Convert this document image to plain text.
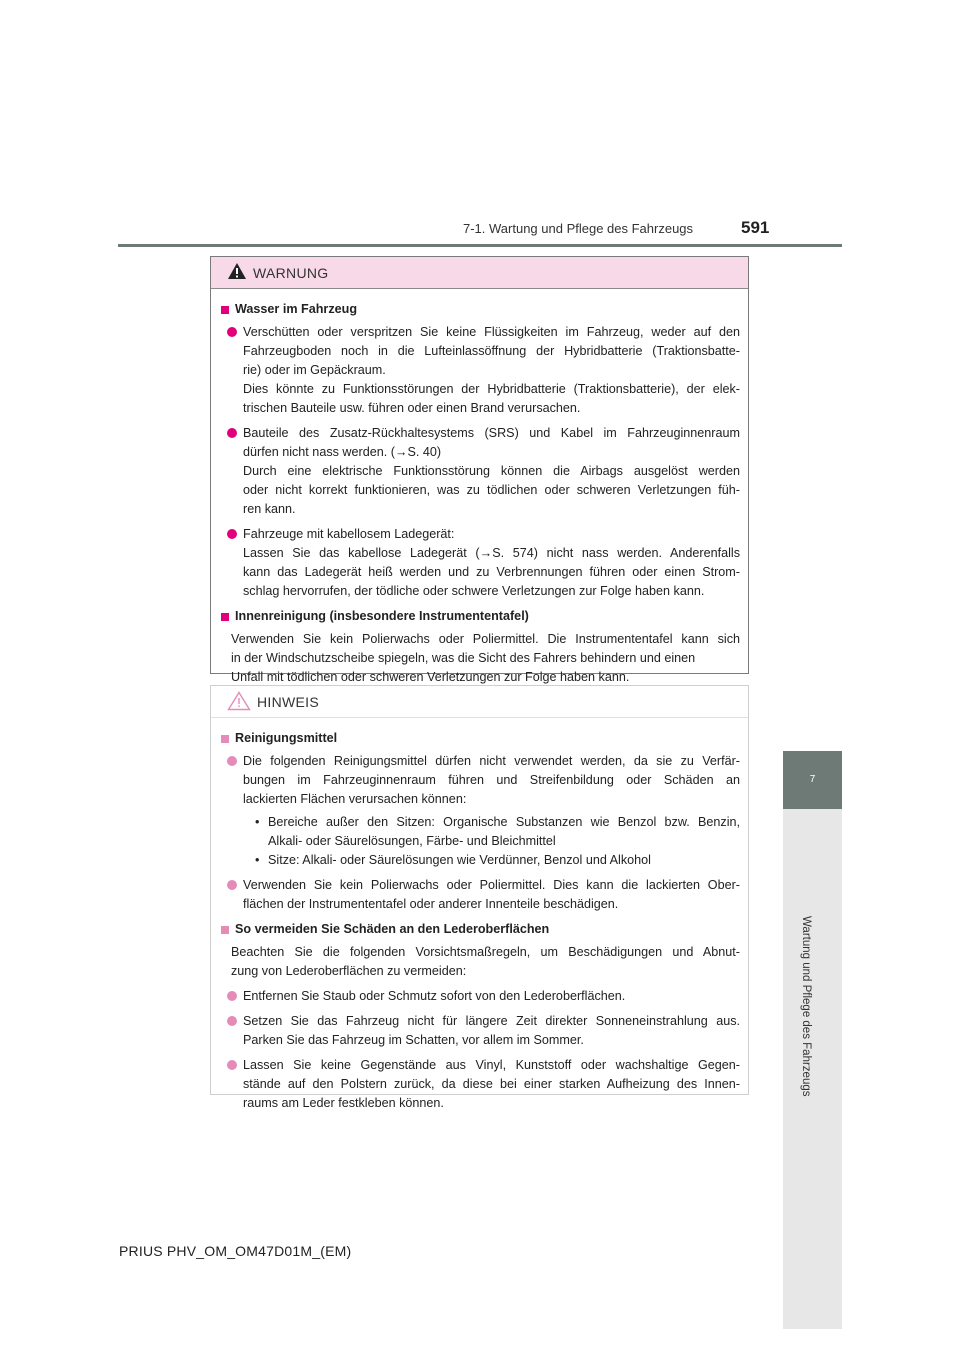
7-1. Wartung und Pflege des Fahrzeugs	591
7
Wartung und Pflege des Fahrzeugs
WARNUNG
Wasser im Fahrzeug
Verschütten oder verspritzen Sie keine Flüssigkeiten im Fahrzeug, weder auf den
Fahrzeugboden noch in die Lufteinlassöffnung der Hybridbatterie (Traktionsbatte-
rie) oder im Gepäckraum.
Dies könnte zu Funktionsstörungen der Hybridbatterie (Traktionsbatterie), der elek-
trischen Bauteile usw. führen oder einen Brand verursachen.
Bauteile des Zusatz-Rückhaltesystems (SRS) und Kabel im Fahrzeuginnenraum
dürfen nicht nass werden. (→S. 40)
Durch eine elektrische Funktionsstörung können die Airbags ausgelöst werden
oder nicht korrekt funktionieren, was zu tödlichen oder schweren Verletzungen füh-
ren kann.
Fahrzeuge mit kabellosem Ladegerät:
Lassen Sie das kabellose Ladegerät (→S. 574) nicht nass werden. Anderenfalls
kann das Ladegerät heiß werden und zu Verbrennungen führen oder einen Strom-
schlag hervorrufen, der tödliche oder schwere Verletzungen zur Folge haben kann.
Innenreinigung (insbesondere Instrumententafel)
Verwenden Sie kein Polierwachs oder Poliermittel. Die Instrumententafel kann sich
in der Windschutzscheibe spiegeln, was die Sicht des Fahrers behindern und einen
Unfall mit tödlichen oder schweren Verletzungen zur Folge haben kann.
HINWEIS
Reinigungsmittel
Die folgenden Reinigungsmittel dürfen nicht verwendet werden, da sie zu Verfär-
bungen im Fahrzeuginnenraum führen und Streifenbildung oder Schäden an
lackierten Flächen verursachen können:
• Bereiche außer den Sitzen: Organische Substanzen wie Benzol bzw. Benzin,
Alkali- oder Säurelösungen, Färbe- und Bleichmittel
• Sitze: Alkali- oder Säurelösungen wie Verdünner, Benzol und Alkohol
Verwenden Sie kein Polierwachs oder Poliermittel. Dies kann die lackierten Ober-
flächen der Instrumententafel oder anderer Innenteile beschädigen.
So vermeiden Sie Schäden an den Lederoberflächen
Beachten Sie die folgenden Vorsichtsmaßregeln, um Beschädigungen und Abnut-
zung von Lederoberflächen zu vermeiden:
Entfernen Sie Staub oder Schmutz sofort von den Lederoberflächen.
Setzen Sie das Fahrzeug nicht für längere Zeit direkter Sonneneinstrahlung aus.
Parken Sie das Fahrzeug im Schatten, vor allem im Sommer.
Lassen Sie keine Gegenstände aus Vinyl, Kunststoff oder wachshaltige Gegen-
stände auf den Polstern zurück, da diese bei einer starken Aufheizung des Innen-
raums am Leder festkleben können.
PRIUS PHV_OM_OM47D01M_(EM)
